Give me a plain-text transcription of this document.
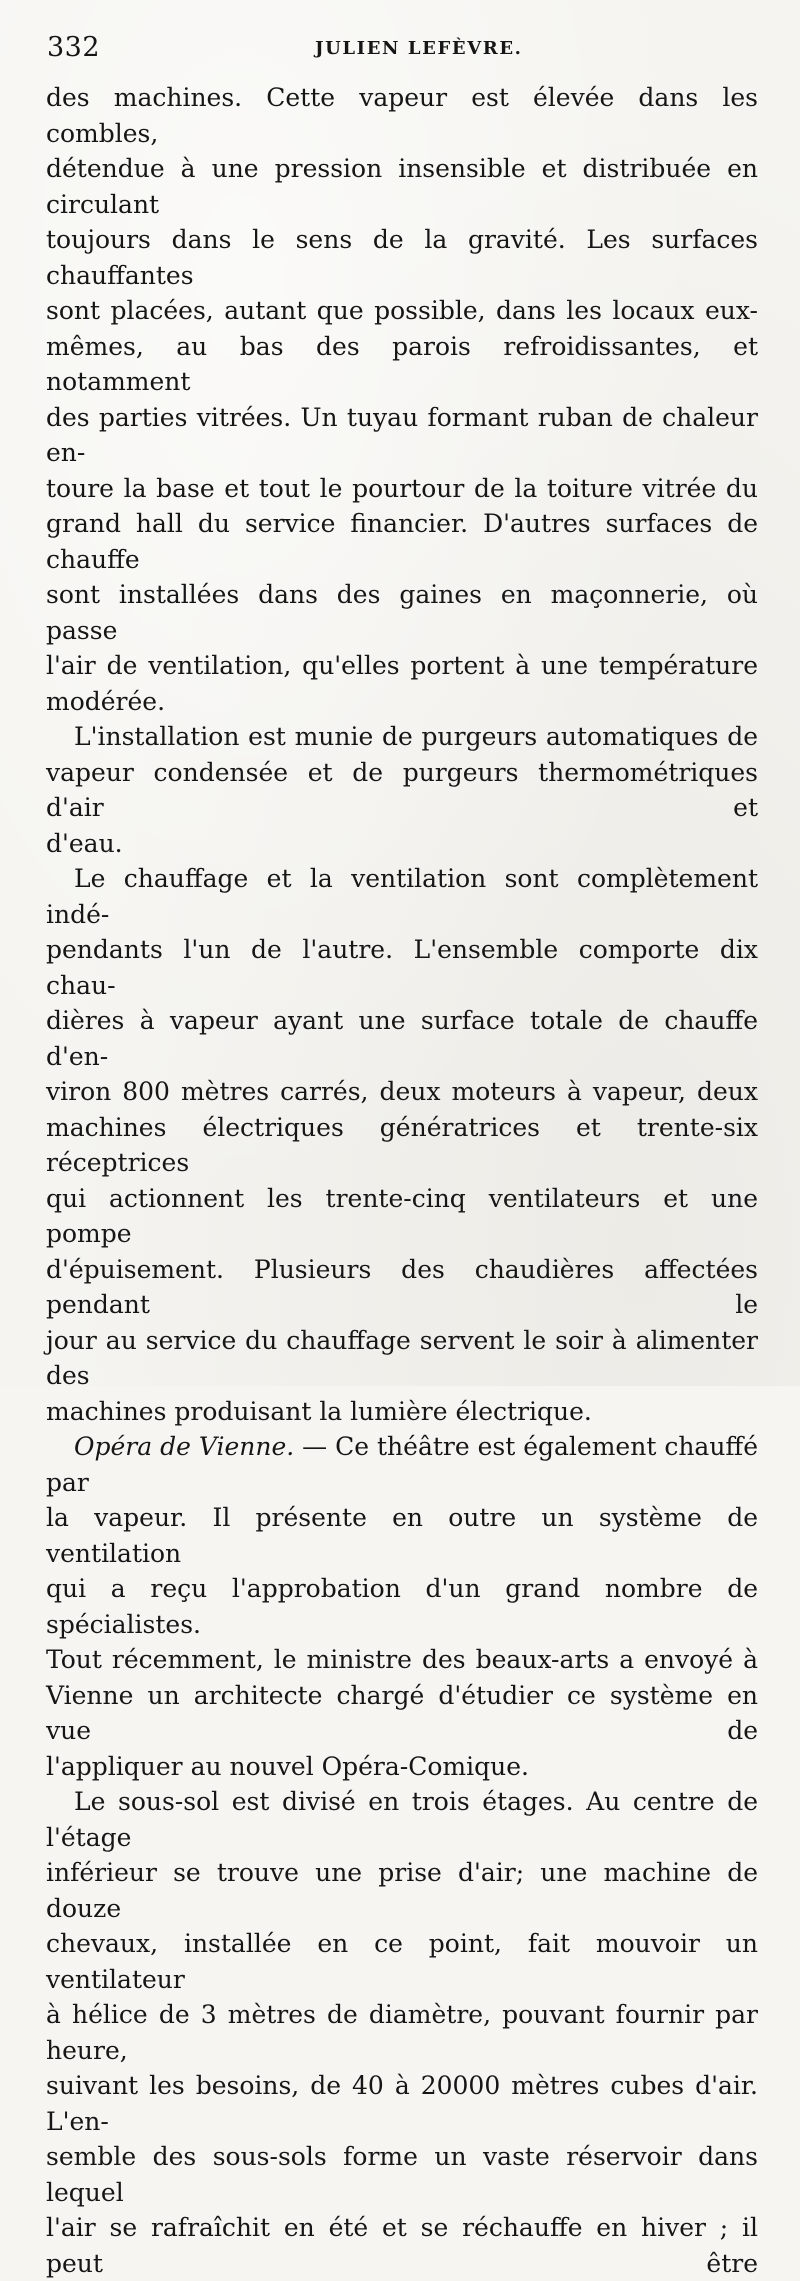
332	JULIEN LEFÈVRE.

des machines. Cette vapeur est élevée dans les combles,

détendue à une pression insensible et distribuée en circulant

toujours dans le sens de la gravité. Les surfaces chauffantes

sont placées, autant que possible, dans les locaux eux-

mêmes, au bas des parois refroidissantes, et notamment

des parties vitrées. Un tuyau formant ruban de chaleur en-

toure la base et tout le pourtour de la toiture vitrée du

grand hall du service financier. D'autres surfaces de chauffe

sont installées dans des gaines en maçonnerie, où passe

l'air de ventilation, qu'elles portent à une température

modérée.

L'installation est munie de purgeurs automatiques de

vapeur condensée et de purgeurs thermométriques d'air et

d'eau.

Le chauffage et la ventilation sont complètement indé-

pendants l'un de l'autre. L'ensemble comporte dix chau-

dières à vapeur ayant une surface totale de chauffe d'en-

viron 800 mètres carrés, deux moteurs à vapeur, deux

machines électriques génératrices et trente-six réceptrices

qui actionnent les trente-cinq ventilateurs et une pompe

d'épuisement. Plusieurs des chaudières affectées pendant le

jour au service du chauffage servent le soir à alimenter des

machines produisant la lumière électrique.

Opéra de Vienne. — Ce théâtre est également chauffé par

la vapeur. Il présente en outre un système de ventilation

qui a reçu l'approbation d'un grand nombre de spécialistes.

Tout récemment, le ministre des beaux-arts a envoyé à

Vienne un architecte chargé d'étudier ce système en vue de

l'appliquer au nouvel Opéra-Comique.

Le sous-sol est divisé en trois étages. Au centre de l'étage

inférieur se trouve une prise d'air; une machine de douze

chevaux, installée en ce point, fait mouvoir un ventilateur

à hélice de 3 mètres de diamètre, pouvant fournir par heure,

suivant les besoins, de 40 à 20000 mètres cubes d'air. L'en-

semble des sous-sols forme un vaste réservoir dans lequel

l'air se rafraîchit en été et se réchauffe en hiver ; il peut être
